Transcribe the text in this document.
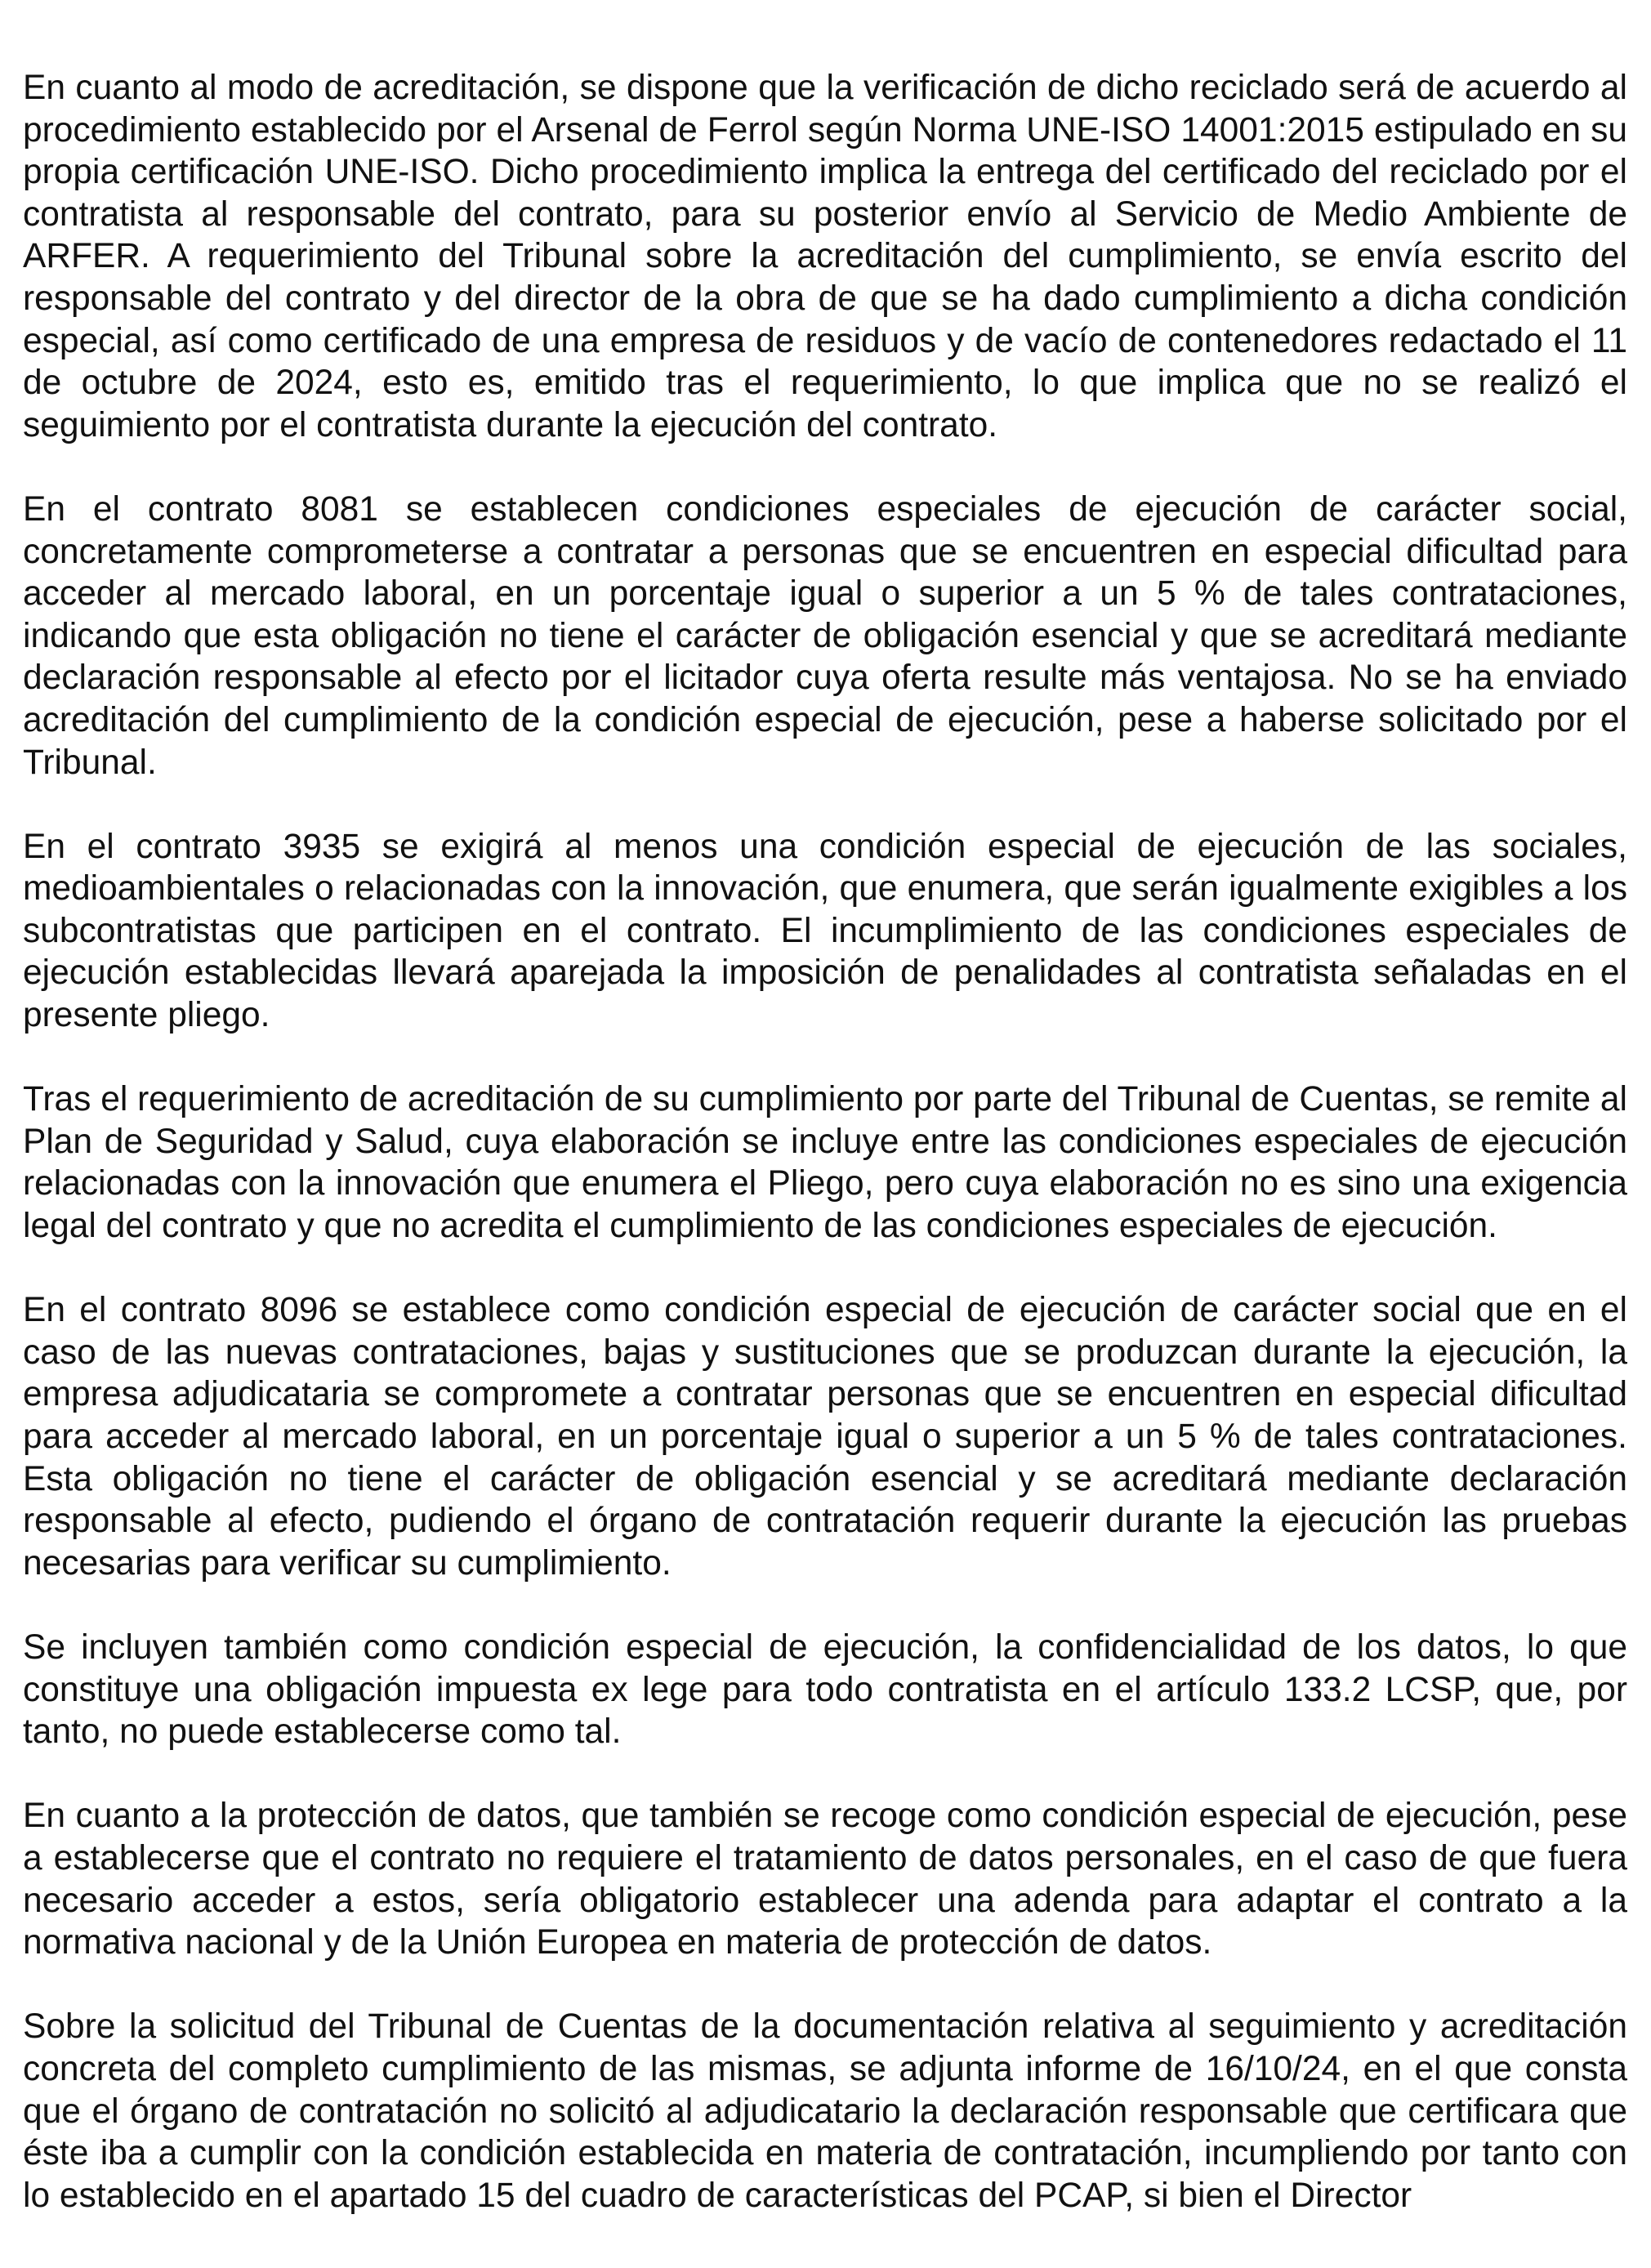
En cuanto al modo de acreditación, se dispone que la verificación de dicho reciclado será de acuerdo al procedimiento establecido por el Arsenal de Ferrol según Norma UNE-ISO 14001:2015 estipulado en su propia certificación UNE-ISO. Dicho procedimiento implica la entrega del certificado del reciclado por el contratista al responsable del contrato, para su posterior envío al Servicio de Medio Ambiente de ARFER. A requerimiento del Tribunal sobre la acreditación del cumplimiento, se envía escrito del responsable del contrato y del director de la obra de que se ha dado cumplimiento a dicha condición especial, así como certificado de una empresa de residuos y de vacío de contenedores redactado el 11 de octubre de 2024, esto es, emitido tras el requerimiento, lo que implica que no se realizó el seguimiento por el contratista durante la ejecución del contrato.

En el contrato 8081 se establecen condiciones especiales de ejecución de carácter social, concretamente comprometerse a contratar a personas que se encuentren en especial dificultad para acceder al mercado laboral, en un porcentaje igual o superior a un 5 % de tales contrataciones, indicando que esta obligación no tiene el carácter de obligación esencial y que se acreditará mediante declaración responsable al efecto por el licitador cuya oferta resulte más ventajosa. No se ha enviado acreditación del cumplimiento de la condición especial de ejecución, pese a haberse solicitado por el Tribunal.

En el contrato 3935 se exigirá al menos una condición especial de ejecución de las sociales, medioambientales o relacionadas con la innovación, que enumera, que serán igualmente exigibles a los subcontratistas que participen en el contrato. El incumplimiento de las condiciones especiales de ejecución establecidas llevará aparejada la imposición de penalidades al contratista señaladas en el presente pliego.

Tras el requerimiento de acreditación de su cumplimiento por parte del Tribunal de Cuentas, se remite al Plan de Seguridad y Salud, cuya elaboración se incluye entre las condiciones especiales de ejecución relacionadas con la innovación que enumera el Pliego, pero cuya elaboración no es sino una exigencia legal del contrato y que no acredita el cumplimiento de las condiciones especiales de ejecución.

En el contrato 8096 se establece como condición especial de ejecución de carácter social que en el caso de las nuevas contrataciones, bajas y sustituciones que se produzcan durante la ejecución, la empresa adjudicataria se compromete a contratar personas que se encuentren en especial dificultad para acceder al mercado laboral, en un porcentaje igual o superior a un 5 % de tales contrataciones. Esta obligación no tiene el carácter de obligación esencial y se acreditará mediante declaración responsable al efecto, pudiendo el órgano de contratación requerir durante la ejecución las pruebas necesarias para verificar su cumplimiento.

Se incluyen también como condición especial de ejecución, la confidencialidad de los datos, lo que constituye una obligación impuesta ex lege para todo contratista en el artículo 133.2 LCSP, que, por tanto, no puede establecerse como tal.

En cuanto a la protección de datos, que también se recoge como condición especial de ejecución, pese a establecerse que el contrato no requiere el tratamiento de datos personales, en el caso de que fuera necesario acceder a estos, sería obligatorio establecer una adenda para adaptar el contrato a la normativa nacional y de la Unión Europea en materia de protección de datos.

Sobre la solicitud del Tribunal de Cuentas de la documentación relativa al seguimiento y acreditación concreta del completo cumplimiento de las mismas, se adjunta informe de 16/10/24, en el que consta que el órgano de contratación no solicitó al adjudicatario la declaración responsable que certificara que éste iba a cumplir con la condición establecida en materia de contratación, incumpliendo por tanto con lo establecido en el apartado 15 del cuadro de características del PCAP, si bien el Director
